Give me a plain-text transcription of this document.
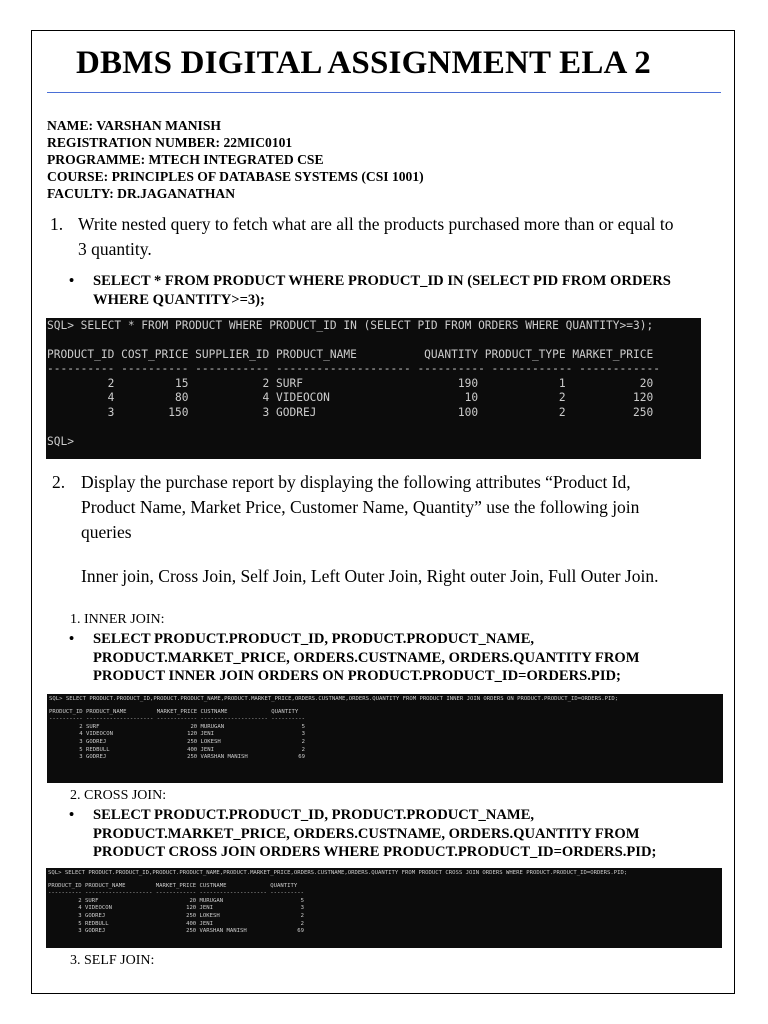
DBMS DIGITAL ASSIGNMENT ELA 2
NAME: VARSHAN MANISH
REGISTRATION NUMBER: 22MIC0101
PROGRAMME: MTECH INTEGRATED CSE
COURSE: PRINCIPLES OF DATABASE SYSTEMS (CSI 1001)
FACULTY: DR.JAGANATHAN
1. Write nested query to fetch what are all the products purchased more than or equal to
3 quantity.
• SELECT * FROM PRODUCT WHERE PRODUCT_ID IN (SELECT PID FROM ORDERS
WHERE QUANTITY>=3);
SQL> SELECT * FROM PRODUCT WHERE PRODUCT_ID IN (SELECT PID FROM ORDERS WHERE QUANTITY>=3);
PRODUCT_ID COST_PRICE SUPPLIER_ID PRODUCT_NAME          QUANTITY PRODUCT_TYPE MARKET_PRICE
---------- ---------- ----------- -------------------- ---------- ------------ ------------
2         15           2 SURF                       190            1           20
4         80           4 VIDEOCON                    10            2          120
3        150           3 GODREJ                     100            2          250
SQL>
2. Display the purchase report by displaying the following attributes “Product Id,
Product Name, Market Price, Customer Name, Quantity” use the following join
queries
Inner join, Cross Join, Self Join, Left Outer Join, Right outer Join, Full Outer Join.
1. INNER JOIN:
• SELECT PRODUCT.PRODUCT_ID, PRODUCT.PRODUCT_NAME,
PRODUCT.MARKET_PRICE, ORDERS.CUSTNAME, ORDERS.QUANTITY FROM
PRODUCT INNER JOIN ORDERS ON PRODUCT.PRODUCT_ID=ORDERS.PID;
SQL> SELECT PRODUCT.PRODUCT_ID,PRODUCT.PRODUCT_NAME,PRODUCT.MARKET_PRICE,ORDERS.CUSTNAME,ORDERS.QUANTITY FROM PRODUCT INNER JOIN ORDERS ON PRODUCT.PRODUCT_ID=ORDERS.PID;
PRODUCT_ID PRODUCT_NAME         MARKET_PRICE CUSTNAME             QUANTITY
---------- -------------------- ------------ -------------------- ----------
2 SURF                           20 MURUGAN                       5
4 VIDEOCON                      120 JENI                          3
3 GODREJ                        250 LOKESH                        2
5 REDBULL                       400 JENI                          2
3 GODREJ                        250 VARSHAN MANISH               69
2. CROSS JOIN:
• SELECT PRODUCT.PRODUCT_ID, PRODUCT.PRODUCT_NAME,
PRODUCT.MARKET_PRICE, ORDERS.CUSTNAME, ORDERS.QUANTITY FROM
PRODUCT CROSS JOIN ORDERS WHERE PRODUCT.PRODUCT_ID=ORDERS.PID;
SQL> SELECT PRODUCT.PRODUCT_ID,PRODUCT.PRODUCT_NAME,PRODUCT.MARKET_PRICE,ORDERS.CUSTNAME,ORDERS.QUANTITY FROM PRODUCT CROSS JOIN ORDERS WHERE PRODUCT.PRODUCT_ID=ORDERS.PID;
PRODUCT_ID PRODUCT_NAME         MARKET_PRICE CUSTNAME             QUANTITY
---------- -------------------- ------------ -------------------- ----------
2 SURF                           20 MURUGAN                       5
4 VIDEOCON                      120 JENI                          3
3 GODREJ                        250 LOKESH                        2
5 REDBULL                       400 JENI                          2
3 GODREJ                        250 VARSHAN MANISH               69
3. SELF JOIN:
